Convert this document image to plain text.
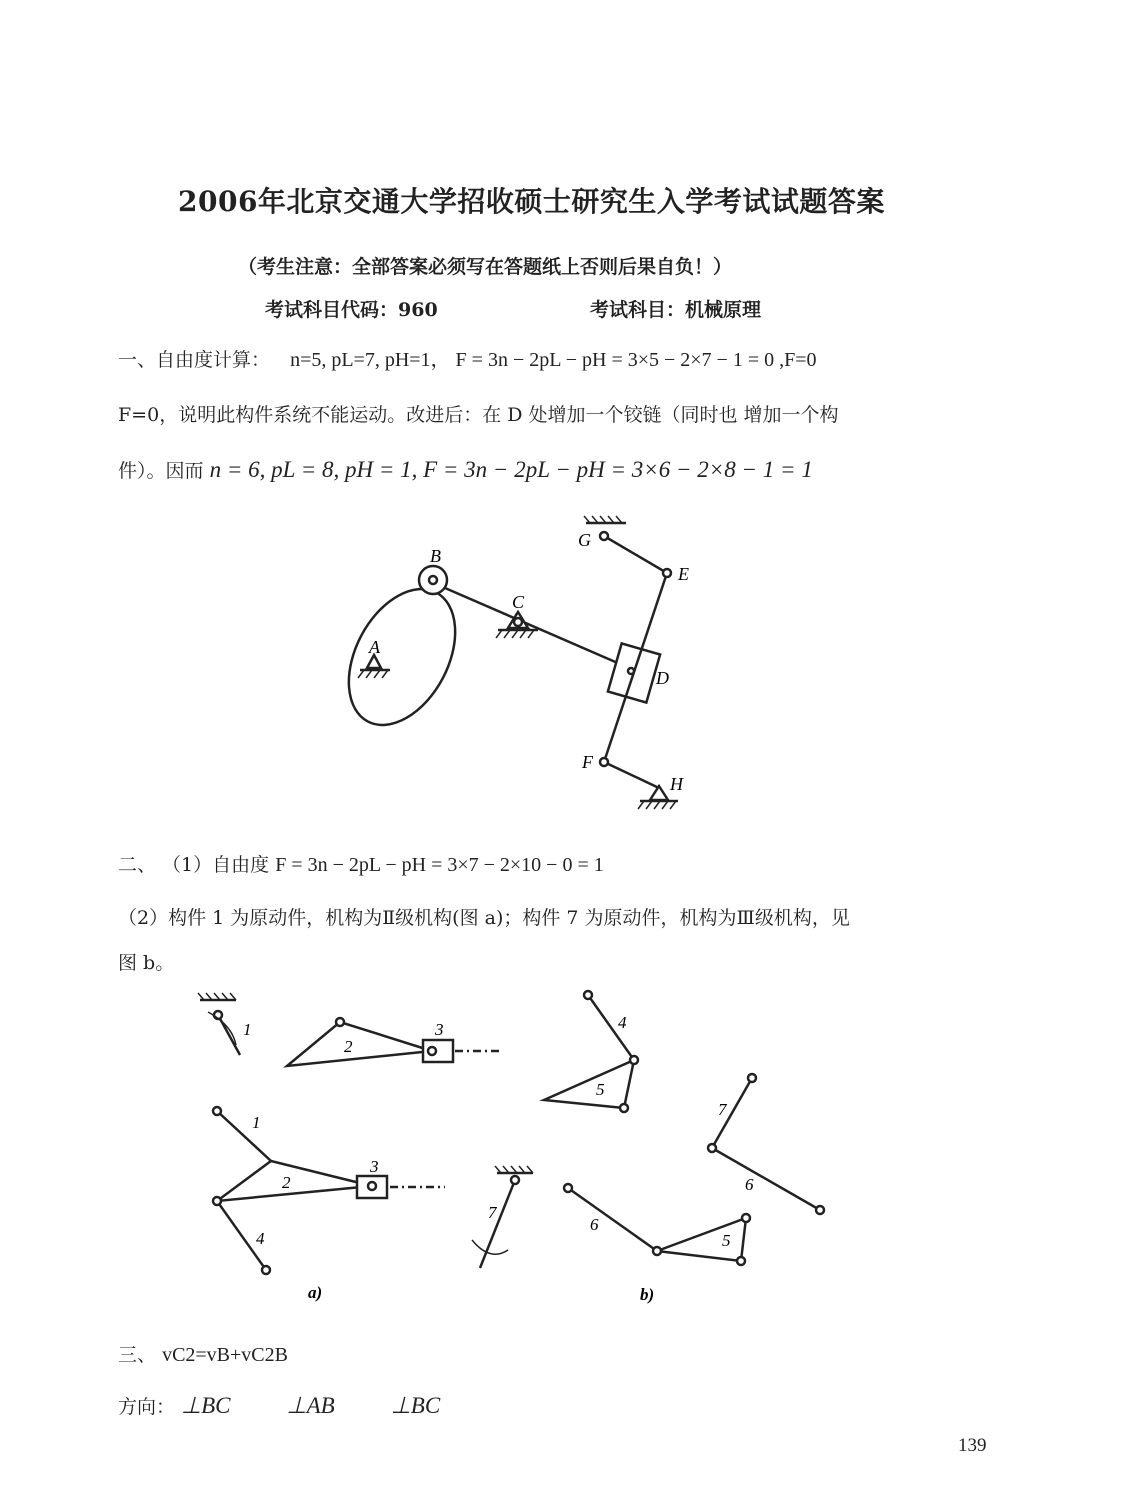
2006年北京交通大学招收硕士研究生入学考试试题答案
（考生注意：全部答案必须写在答题纸上否则后果自负！）
考试科目代码：960	考试科目：机械原理
一、自由度计算： n=5, pL=7, pH=1， F = 3n − 2pL − pH = 3×5 − 2×7 − 1 = 0 ,F=0
F=0，说明此构件系统不能运动。改进后：在 D 处增加一个铰链（同时也 增加一个构
件）。因而 n = 6, pL = 8, pH = 1, F = 3n − 2pL − pH = 3×6 − 2×8 − 1 = 1
B
C
A
G
E
D
F
H
二、 （1）自由度 F = 3n − 2pL − pH = 3×7 − 2×10 − 0 = 1
（2）构件 1 为原动件，机构为Ⅱ级机构(图 a)；构件 7 为原动件，机构为Ⅲ级机构，见
图 b。
1
2
3
1
2
3
4
7
4
5
7
6
6
5
a)	b)
三、 vC2=vB+vC2B
方向： ⊥BC ⊥AB ⊥BC
139
